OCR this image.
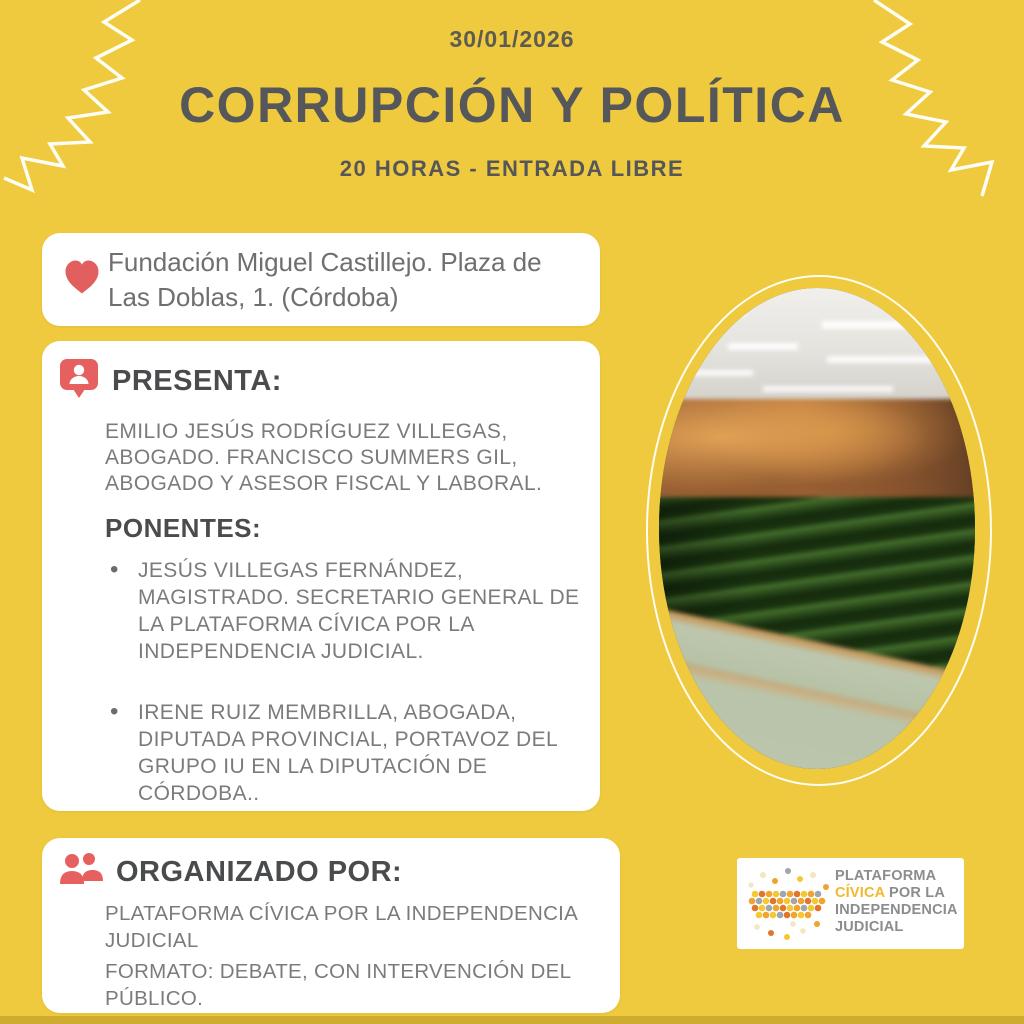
30/01/2026
CORRUPCIÓN Y POLÍTICA
20 HORAS - ENTRADA LIBRE
Fundación Miguel Castillejo. Plaza de Las Doblas, 1. (Córdoba)
PRESENTA:
EMILIO JESÚS RODRÍGUEZ VILLEGAS, ABOGADO. FRANCISCO SUMMERS GIL, ABOGADO Y ASESOR FISCAL Y LABORAL.
PONENTES:
• JESÚS VILLEGAS FERNÁNDEZ, MAGISTRADO. SECRETARIO GENERAL DE LA PLATAFORMA CÍVICA POR LA INDEPENDENCIA JUDICIAL.
• IRENE RUIZ MEMBRILLA, ABOGADA, DIPUTADA PROVINCIAL, PORTAVOZ DEL GRUPO IU EN LA DIPUTACIÓN DE CÓRDOBA..
ORGANIZADO POR:
PLATAFORMA CÍVICA POR LA INDEPENDENCIA JUDICIAL
FORMATO: DEBATE, CON INTERVENCIÓN DEL PÚBLICO.
PLATAFORMA
CÍVICA POR LA
INDEPENDENCIA
JUDICIAL
